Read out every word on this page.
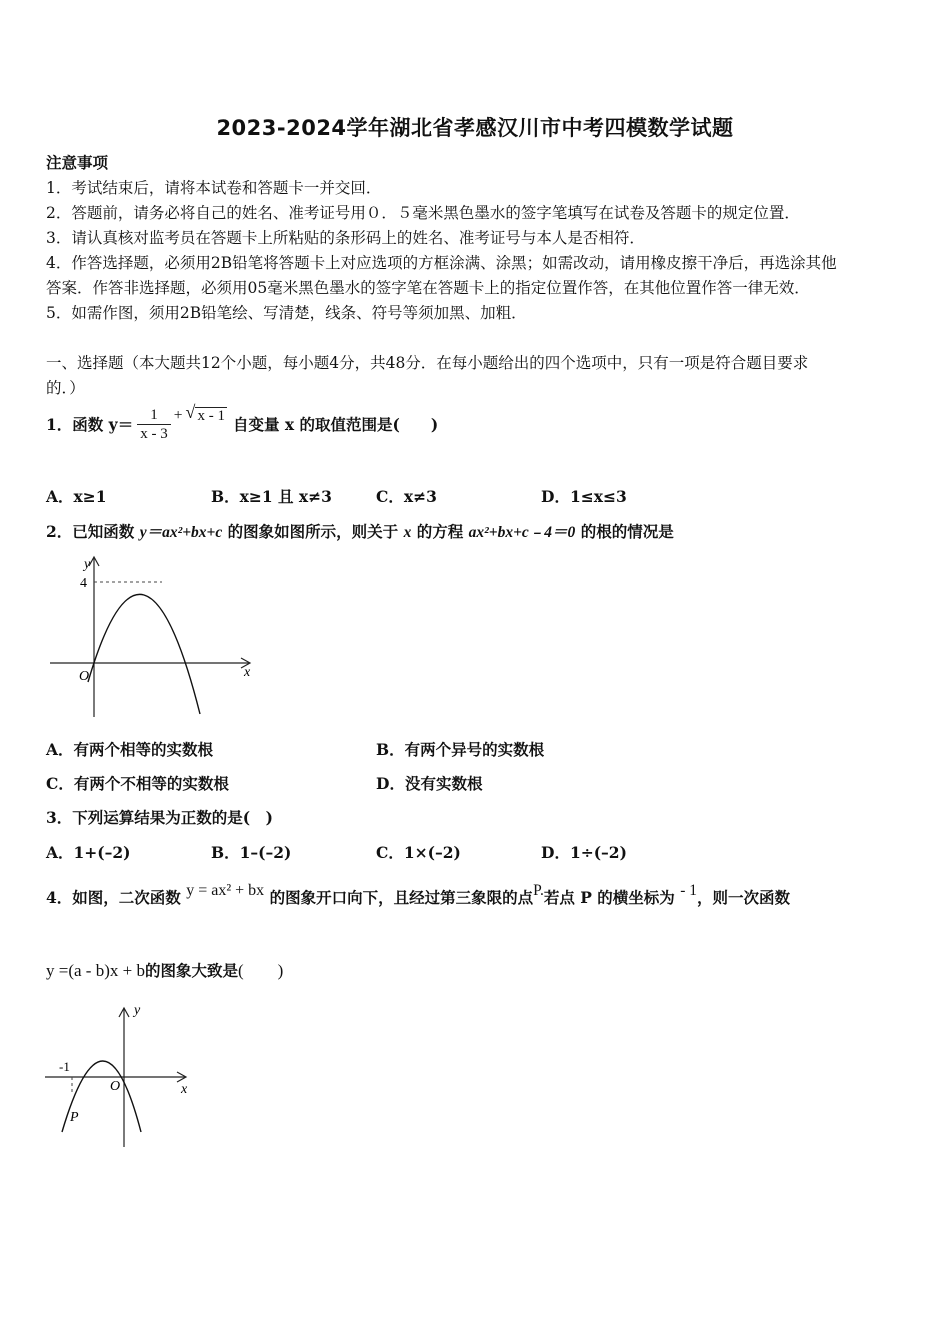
2023-2024学年湖北省孝感汉川市中考四模数学试题
注意事项
1．考试结束后，请将本试卷和答题卡一并交回．
2．答题前，请务必将自己的姓名、准考证号用０．５毫米黑色墨水的签字笔填写在试卷及答题卡的规定位置．
3．请认真核对监考员在答题卡上所粘贴的条形码上的姓名、准考证号与本人是否相符．
4．作答选择题，必须用2B铅笔将答题卡上对应选项的方框涂满、涂黑；如需改动，请用橡皮擦干净后，再选涂其他
答案．作答非选择题，必须用05毫米黑色墨水的签字笔在答题卡上的指定位置作答，在其他位置作答一律无效．
5．如需作图，须用2B铅笔绘、写清楚，线条、符号等须加黑、加粗．
一、选择题（本大题共12个小题，每小题4分，共48分．在每小题给出的四个选项中，只有一项是符合题目要求
的．）
1．函数 $y= \frac{1}{x - 3}$ + √ x - 1 自变量 x 的取值范围是(　　)
A．x≥1	B．x≥1 且 x≠3	C．x≠3	D．1≤x≤3
2．已知函数 y＝ax²+bx+c 的图象如图所示，则关于 x 的方程 ax²+bx+c﹣4＝0 的根的情况是
y
x
O
4
A．有两个相等的实数根	B．有两个异号的实数根
C．有两个不相等的实数根	D．没有实数根
3．下列运算结果为正数的是(　)
A．1+(–2)	B．1–(–2)	C．1×(–2)	D．1÷(–2)
4．如图，二次函数 y = ax² + bx 的图象开口向下，且经过第三象限的点P.若点 P 的横坐标为 - 1，则一次函数
y =(a - b)x + b的图象大致是(　　)
y
x
O
-1
P
